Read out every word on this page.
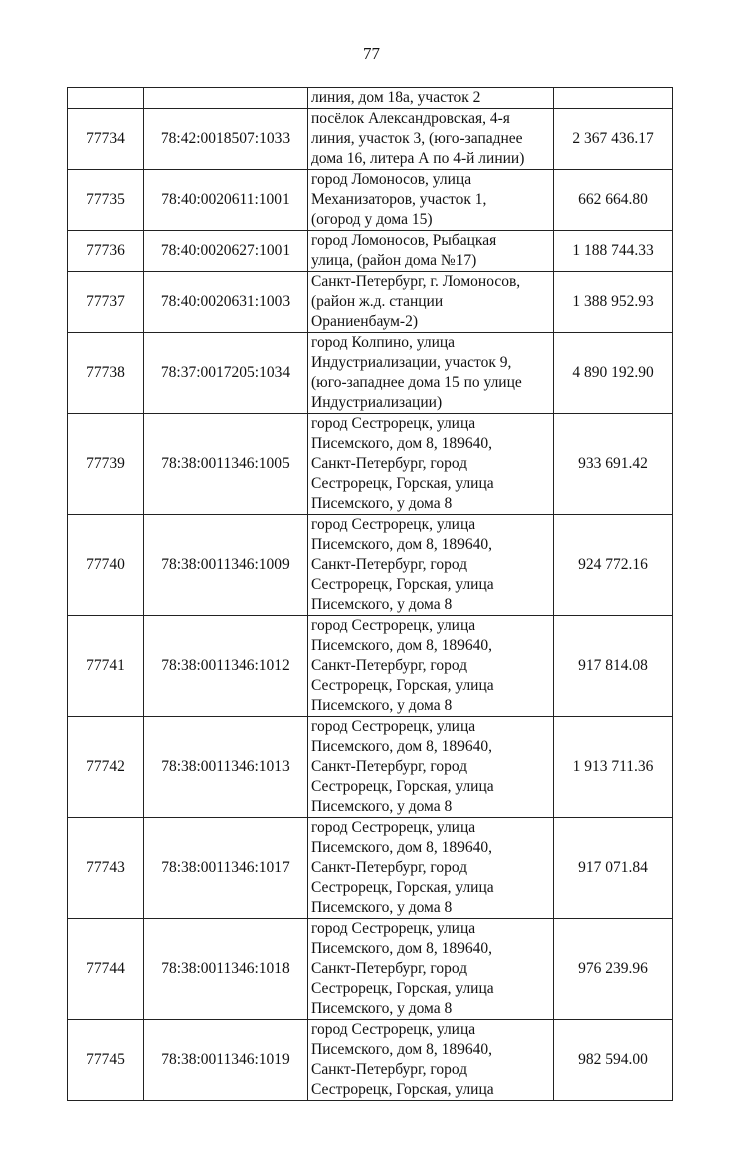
77

		линия, дом 18а, участок 2	

77734	78:42:0018507:1033	посёлок Александровская, 4-я
линия, участок 3, (юго-западнее
дома 16, литера А по 4-й линии)	2 367 436.17
77735	78:40:0020611:1001	город Ломоносов, улица
Механизаторов, участок 1,
(огород у дома 15)	662 664.80
77736	78:40:0020627:1001	город Ломоносов, Рыбацкая
улица, (район дома №17)	1 188 744.33
77737	78:40:0020631:1003	Санкт-Петербург, г. Ломоносов,
(район ж.д. станции
Ораниенбаум-2)	1 388 952.93
77738	78:37:0017205:1034	город Колпино, улица
Индустриализации, участок 9,
(юго-западнее дома 15 по улице
Индустриализации)	4 890 192.90
77739	78:38:0011346:1005	город Сестрорецк, улица
Писемского, дом 8, 189640,
Санкт-Петербург, город
Сестрорецк, Горская, улица
Писемского, у дома 8	933 691.42
77740	78:38:0011346:1009	город Сестрорецк, улица
Писемского, дом 8, 189640,
Санкт-Петербург, город
Сестрорецк, Горская, улица
Писемского, у дома 8	924 772.16
77741	78:38:0011346:1012	город Сестрорецк, улица
Писемского, дом 8, 189640,
Санкт-Петербург, город
Сестрорецк, Горская, улица
Писемского, у дома 8	917 814.08
77742	78:38:0011346:1013	город Сестрорецк, улица
Писемского, дом 8, 189640,
Санкт-Петербург, город
Сестрорецк, Горская, улица
Писемского, у дома 8	1 913 711.36
77743	78:38:0011346:1017	город Сестрорецк, улица
Писемского, дом 8, 189640,
Санкт-Петербург, город
Сестрорецк, Горская, улица
Писемского, у дома 8	917 071.84
77744	78:38:0011346:1018	город Сестрорецк, улица
Писемского, дом 8, 189640,
Санкт-Петербург, город
Сестрорецк, Горская, улица
Писемского, у дома 8	976 239.96
77745	78:38:0011346:1019	город Сестрорецк, улица
Писемского, дом 8, 189640,
Санкт-Петербург, город
Сестрорецк, Горская, улица	982 594.00
